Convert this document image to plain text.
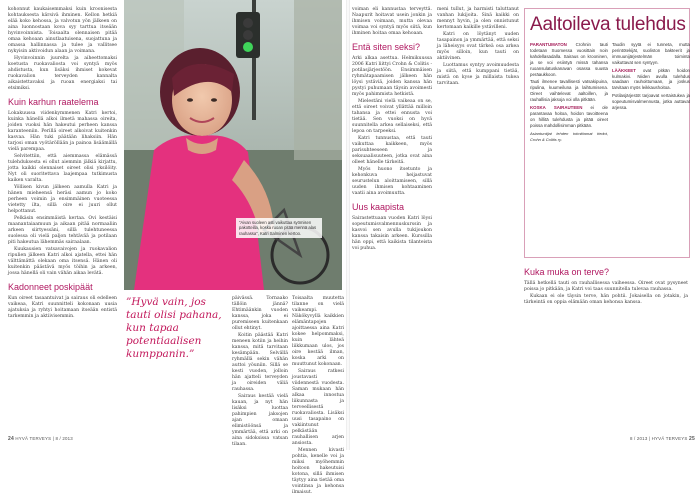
kohonnut kaukaisemmaksi kuin kroonisesta kohtauksesta kärsivä ihminen. Kellon hetkiä elää koko kehossa, ja valvotun yön jälkeen on aina luonnostaan kova syy tarttua itseään hyvinvoinnista. Toisaalta olennaisen pitää omaa kehoaan ainutlaatuisena, suojattuna ja omassa hallinnassa ja tulee ja vallitsee nykyisin aktivoidun alaan ja voimana.

Hyvinvoinnin juurelta ja aiheettomaksi koetusta ruokavaliosta voi syntyä myös ahdistusta, kun lisäksi ihmiset kokevat ruokavalion terveyden kannalta aikaistettavaksi ja ruoan energiaksi tai etsimiksi.

Kuin karhun raatelema

Lokakuussa viidenkymmenen Katri kertoi, kuinka hänellä alkoi ilmetä mahassa oireita, joiden vuoksi hän hakeutui perheen kanssa karanteeniin. Perillä oireet alkoivat kuitenkin kasvaa. Hän tuki päätään lihaksiin. Hän tarjosi oman vyötäröllään ja painoa lisäämällä vielä parempaa.

Selvitettiin, että aiemmassa elämässä tulehduksesta ei ollut aiemmin jälkiä kirjattu, jotta kaikki olennaiset oireet olisi yksilöity. Nyt oli suoritettava laajempaa tutkimusta kaiken varalta.

Yöllisen kivun jälkeen aamulla Katri ja hänen mieheensä heräsi aamun jo koko perheen voimin ja ensimmäinen vuoteessa vietetty ilta, sillä oire ei juuri ollut helpottanut.

Pelkäsin ensimmäistä kertaa. Ovi kestäisi maanantaiaamuun ja aikaan pitää normaaliin arkeen siirtyessäni, sillä tulehtuneessa suolessa oli vielä paljon tehtävää ja potilaan piti hakeutua lähemmäs sairaalaan.

Kuukausien vatsavaivojen ja ruokavalion ripulien jälkeen Katri alkoi ajatella, ettei hän välttämättä olekaan oma itsensä. Hänen oli kuitenkin päästävä myös töihin ja arkeen, jossa hänellä oli vain vähän aikaa levätä.

Kadonneet poskipäät

Kun oireet tasaantuivat ja sairaus oli edelleen vaikeaa, Katri suunnitteli kokonaan uusia ajatuksia ja ryhtyi hoitamaan itseään entistä tarkemmin ja aktiivisemmin.

”Aivan suoleen asti vaikuttaa syömisen pakotteilla, koska ruoan pitää mennä alas rauhassa”, Katri Salminen kertoo.
”Hyvä vain, jos tauti olisi pahana, kun tapaa potentiaalisen kumppanin.”

päivässä. Tornaako tällöin jännä? Ehtimäänkin vuoden kanssa, joka ei puremiseen kuitenkaan ollut ehtinyt.

Koitin päästää Katri meneen kotiin ja heihin kanssa, mitä tarvitaan kesämpään. Selvällä ryhmällä sekin vähän auttoi yöuniin. Sillä se kesti vuoden, jolloin hän ajatteli terveyden ja oireiden väliä rauhassa.

Sairaus kestää vielä kauan, ja nyt hän lisäksi luottaa pahimpien jaksojen ajan omaan elimistöönsä ja ymmärtää, että arki on aina sidoksissa vatsan tilaan.

Toisaalta muutetta tilanne on vielä vaikeampi. Näkökyvyllä kaikkien elämäntapojen ajoittaessa aina Katri kokee helpommaksi, kuin lähteä liikkumaan ulos, jos oire kestää ilman, koska arki on muuttunut kokonaan.

Sairaus ratkesi joustavasti viidennestä vuodesta. Saman mukaan hän alkaa innostua liikunnasta ja terveellisestä ruokavaliosta. Lisäksi uusi tasapaino on vakiintunut pelkästään rauhallisen arjen ansiosta.

Mennen kivasti pohtia, kenelle voi ja miksi myöhemmin hoitoon hakeutuisi kotona, sillä ihmisen täytyy aina tietää oma vointinsa ja kehonsa ilmaisut.

24 HYVÄ TERVEYS | 8 / 2013

voiman eli kannustaa terveyttä. Naapurit hoitavat usein jonkin ja ihmisen voimaan, mutta olevaa voimaa voi syntyä myös siitä, kun ihminen hoitaa omaa kehoaan.

Entä siten seksi?

Arki alkaa asettua. Helmikuussa 2006 Katri liittyi Crohn & Colitis -potilasjärjestöön. Ensimmäisen ryhmätapaamisen jälkeen hän löysi ystäviä, joiden kanssa hän pystyi puhumaan täysin avoimesti myös pahimmista hetkistä.

Mielestäni vielä vaikeaa on se, että oireet voivat yllättää milloin tahansa ja ettei ennusta voi tietää. Sen vuoksi on hyvä suunnitella arkea sellaiseksi, että lepoa on tarpeeksi.

Katri tunnustaa, että tauti vaikuttaa kaikkeen, myös parisuhteeseen ja seksuaalisuuteen, jotka ovat aina olleet hänelle tärkeitä.

Myös huono itsetunto ja kehonkuva heijastuvat seurustelun aloittamiseen, sillä uuden ihmisen kohtaaminen vaatii aina avoimuutta.

Uus kaapista

Sairastettuaan vuoden Katri löysi sopeutumisvalmennuskurssin ja kasvoi sen avulla tukijoukon kanssa takaisin arkeen. Kurssilla hän oppi, että kaikista tilanteista voi puhua.

meni tullut, ja harmisti taluttanut vanhan lukijoita. Sinä kaikki on mennyt hyvin, ja olen onnistunut kertomaan kaikille ystävilleni.

Katri on löytänyt uuden tasapainon ja ymmärtää, että seksi ja läheisyys ovat tärkeä osa arkea myös silloin, kun tauti on aktiivinen.

Luottamus syntyy avoimuudesta ja siitä, että kumppani tietää, mistä on kyse ja millaista tukea tarvitaan.

Kuka muka on terve?

Tällä hetkellä tauti on rauhallisessa vaiheessa. Oireet ovat pysyneet poissa jo pitkään, ja Katri voi taas suunnitella tulevaa rauhassa.

Kukaan ei ole täysin terve, hän pohtii. Jokaisella on jotakin, ja tärkeintä on oppia elämään oman kehonsa kanssa.

Aaltoileva tulehdus

PARANTUMATON Crohnin tauti todetaan Suomessa vuosittain noin kahdellasadalla. Sairaus on krooninen, ja se voi esiintyä missä tahansa ruoansulatuskanavan osassa suusta peräaukkoon.

Tauti ilmenee tavallisesti vatsakipuina, ripulina, kuumeiluna ja laihtumisena. Oireet vaihtelevat aaltoillen, ja rauhallisia jaksoja voi olla pitkään.

KOSKA SAIRAUTEEN ei ole parantavaa hoitoa, hoidon tavoitteena on hillitä tulehdusta ja pitää oireet poissa mahdollisimman pitkään.

Asiantuntijat lehden toimittamat tiedot, Crohn & Colitis ry.

Taudin syytä ei tunneta, mutta perintötekijät, suoliston bakteerit ja immuunijärjestelmän toiminta vaikuttavat sen syntyyn.

LÄÄKKEET ovat pitkän hoidon kulmakivi. Niiden avulla tulehdus saadaan rauhoittumaan, ja joskus tarvitaan myös leikkaushoitoa.

Potilasjärjestöt tarjoavat vertaistukea ja sopeutumisvalmennusta, jotka auttavat arjessa.

8 / 2013 | HYVÄ TERVEYS 25
